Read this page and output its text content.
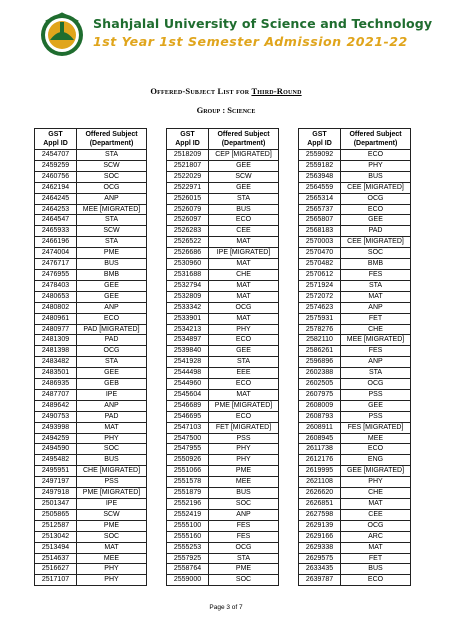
Shahjalal University of Science and Technology
1st Year 1st Semester Admission 2021-22
Offered-Subject List for Third-Round
Group : Science
GST
Appl ID	Offered Subject
(Department)
2454707	STA
2459259	SCW
2460756	SOC
2462194	OCG
2464245	ANP
2464253	MEE [MIGRATED]
2464547	STA
2465933	SCW
2466196	STA
2474004	PME
2476717	BUS
2476955	BMB
2478403	GEE
2480653	GEE
2480802	ANP
2480961	ECO
2480977	PAD [MIGRATED]
2481309	PAD
2481398	OCG
2483482	STA
2483501	GEE
2486935	GEB
2487707	IPE
2489642	ANP
2490753	PAD
2493998	MAT
2494259	PHY
2494590	SOC
2495482	BUS
2495951	CHE [MIGRATED]
2497197	PSS
2497918	PME [MIGRATED]
2501347	IPE
2505865	SCW
2512587	PME
2513042	SOC
2513494	MAT
2514637	MEE
2516627	PHY
2517107	PHY
GST
Appl ID	Offered Subject
(Department)
2518209	CEP [MIGRATED]
2521807	GEE
2522029	SCW
2522971	GEE
2526015	STA
2526079	BUS
2526097	ECO
2526283	CEE
2526522	MAT
2526686	IPE [MIGRATED]
2530960	MAT
2531688	CHE
2532794	MAT
2532809	MAT
2533342	OCG
2533901	MAT
2534213	PHY
2534897	ECO
2539840	GEE
2541928	STA
2544498	EEE
2544960	ECO
2545604	MAT
2546689	PME [MIGRATED]
2546695	ECO
2547103	FET [MIGRATED]
2547500	PSS
2547955	PHY
2550926	PHY
2551066	PME
2551578	MEE
2551879	BUS
2552196	SOC
2552419	ANP
2555100	FES
2555160	FES
2555253	OCG
2557925	STA
2558764	PME
2559000	SOC
GST
Appl ID	Offered Subject
(Department)
2559092	ECO
2559182	PHY
2563948	BUS
2564559	CEE [MIGRATED]
2565314	OCG
2565737	ECO
2565807	GEE
2568183	PAD
2570003	CEE [MIGRATED]
2570470	SOC
2570482	BMB
2570612	FES
2571924	STA
2572072	MAT
2574623	ANP
2575931	FET
2578276	CHE
2582110	MEE [MIGRATED]
2586261	FES
2596896	ANP
2602388	STA
2602505	OCG
2607975	PSS
2608009	GEE
2608793	PSS
2608911	FES [MIGRATED]
2608945	MEE
2611738	ECO
2612176	ENG
2619995	GEE [MIGRATED]
2621108	PHY
2626620	CHE
2626851	MAT
2627598	CEE
2629139	OCG
2629166	ARC
2629338	MAT
2629575	FET
2633435	BUS
2639787	ECO
Page 3 of 7
